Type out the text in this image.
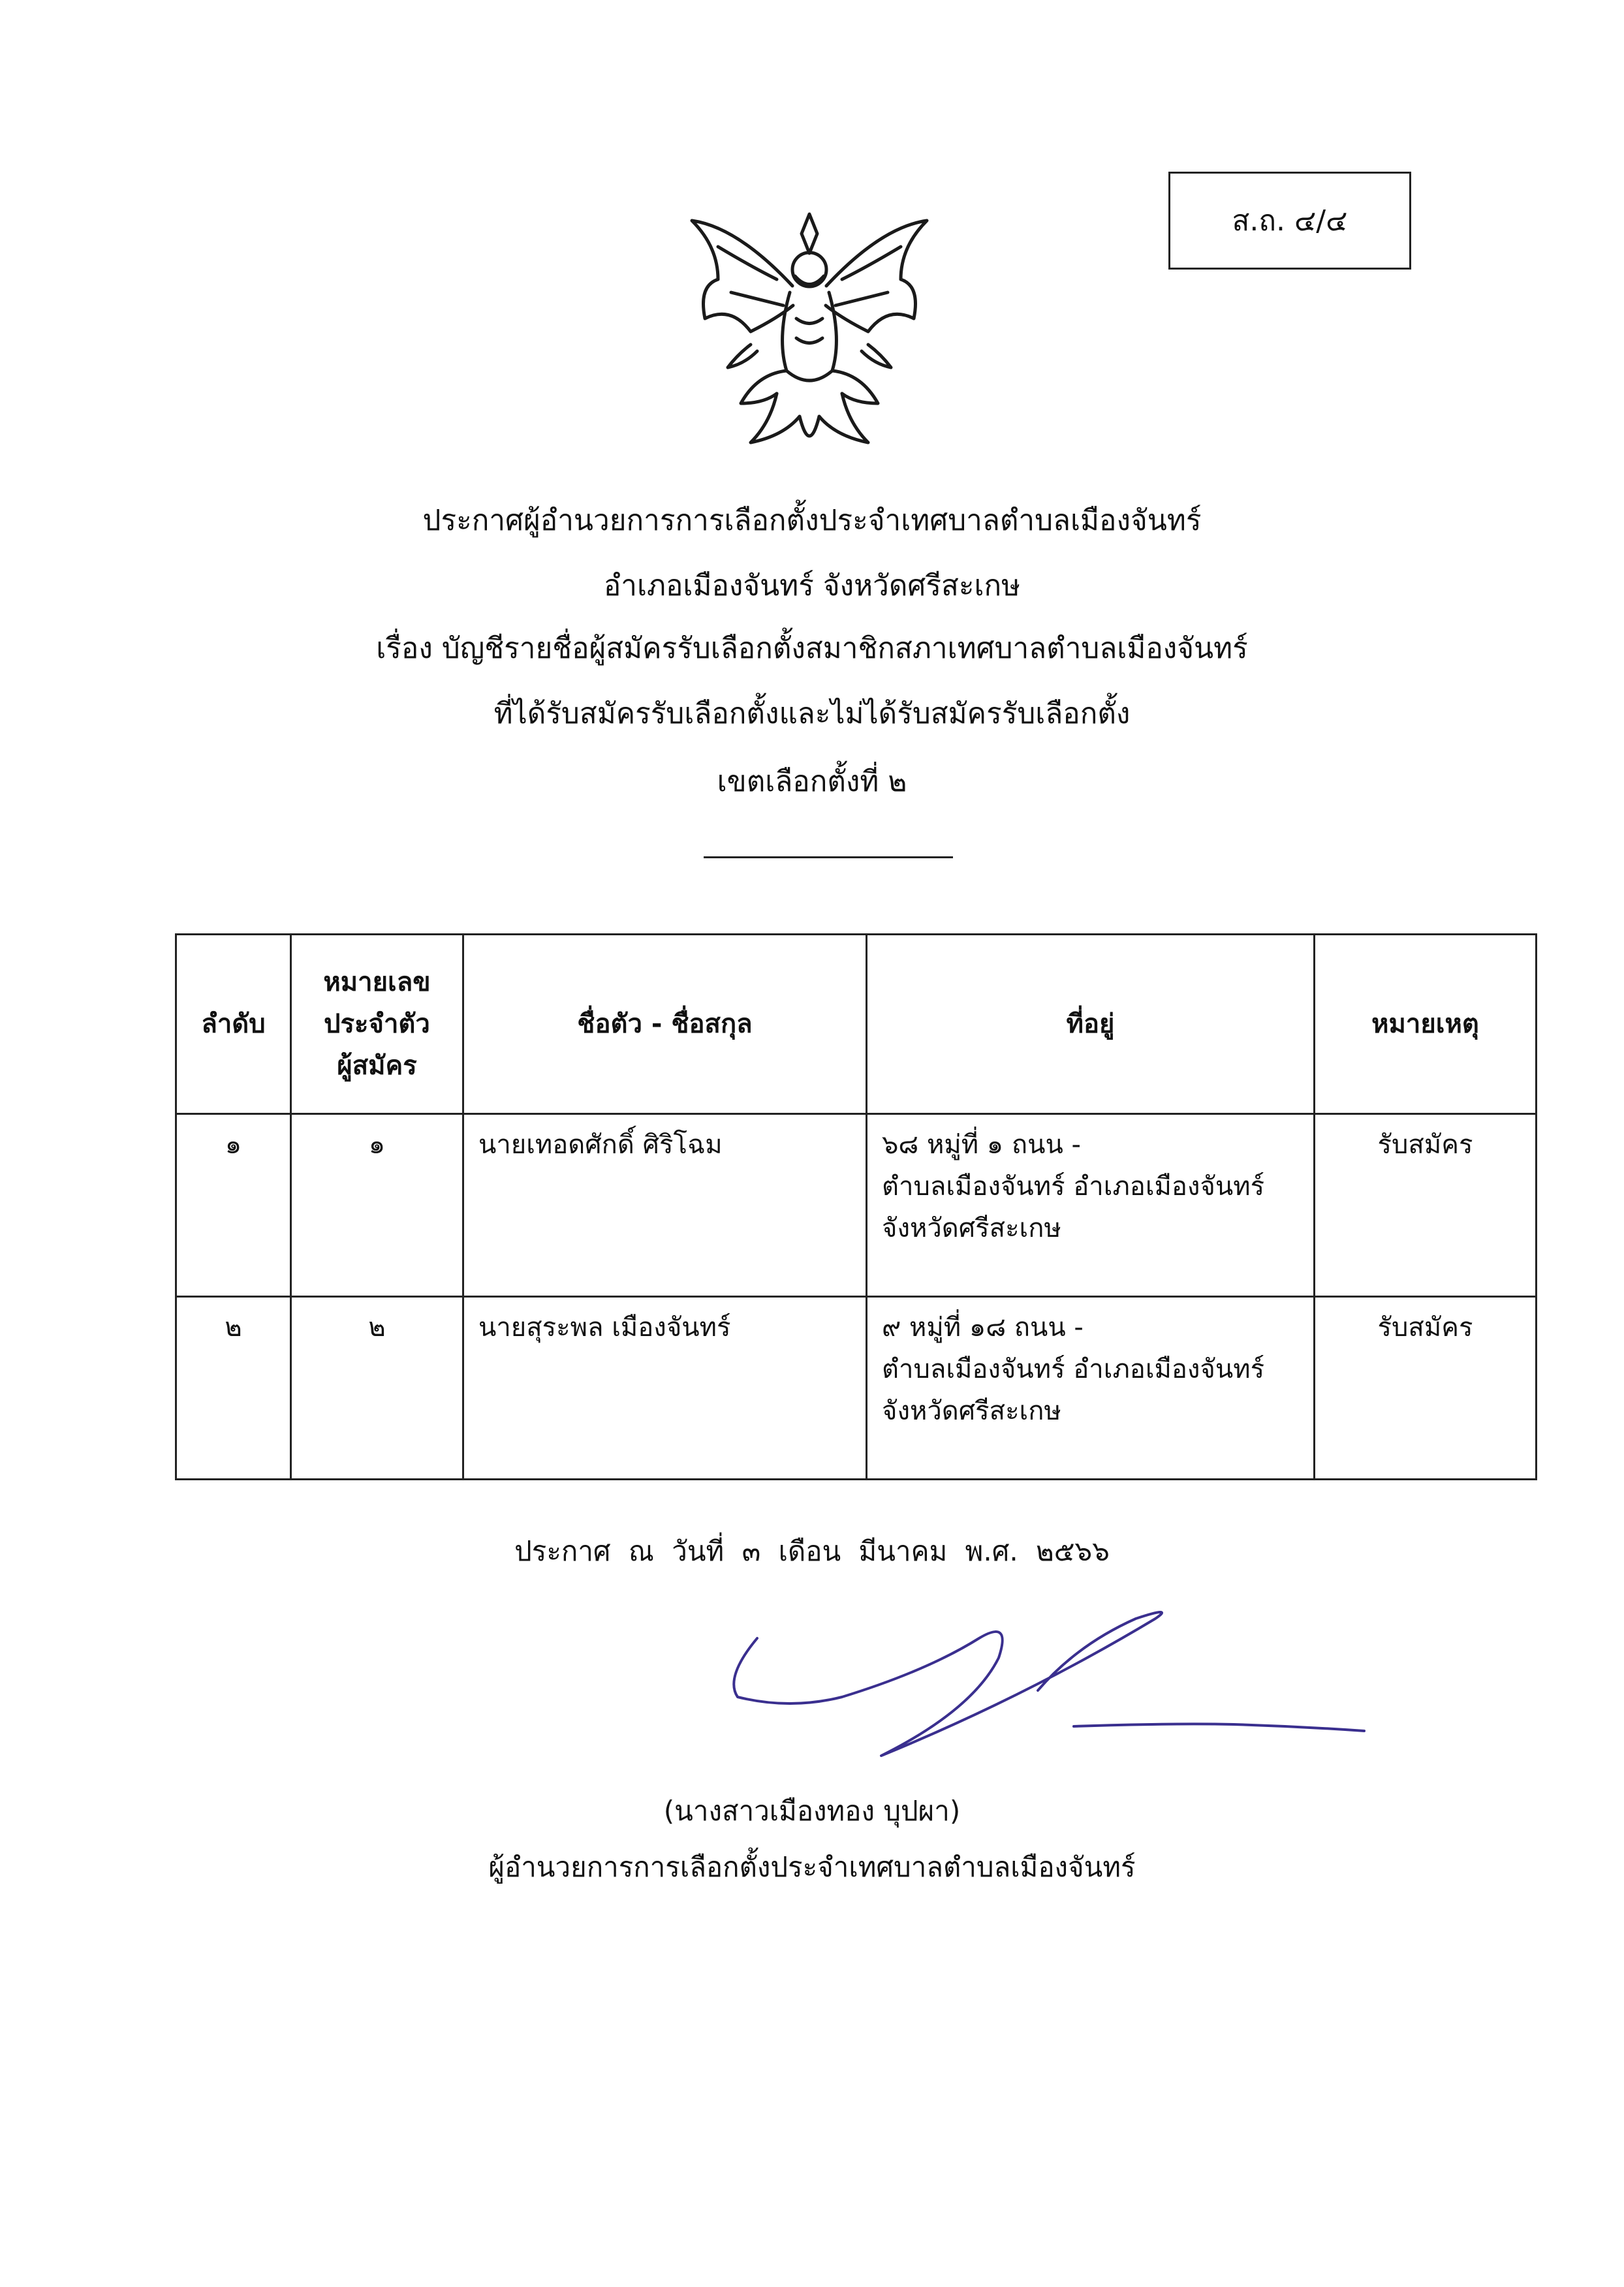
ส.ถ. ๔/๔
ประกาศผู้อำนวยการการเลือกตั้งประจำเทศบาลตำบลเมืองจันทร์
อำเภอเมืองจันทร์ จังหวัดศรีสะเกษ
เรื่อง บัญชีรายชื่อผู้สมัครรับเลือกตั้งสมาชิกสภาเทศบาลตำบลเมืองจันทร์
ที่ได้รับสมัครรับเลือกตั้งและไม่ได้รับสมัครรับเลือกตั้ง
เขตเลือกตั้งที่ ๒
ลำดับ	หมายเลข
ประจำตัว
ผู้สมัคร	ชื่อตัว - ชื่อสกุล	ที่อยู่	หมายเหตุ
๑	๑	นายเทอดศักดิ์ ศิริโฉม	๖๘ หมู่ที่ ๑ ถนน -
ตำบลเมืองจันทร์ อำเภอเมืองจันทร์
จังหวัดศรีสะเกษ	รับสมัคร
๒	๒	นายสุระพล เมืองจันทร์	๙ หมู่ที่ ๑๘ ถนน -
ตำบลเมืองจันทร์ อำเภอเมืองจันทร์
จังหวัดศรีสะเกษ	รับสมัคร
ประกาศ ณ วันที่ ๓ เดือน มีนาคม พ.ศ. ๒๕๖๖
(นางสาวเมืองทอง บุปผา)
ผู้อำนวยการการเลือกตั้งประจำเทศบาลตำบลเมืองจันทร์
